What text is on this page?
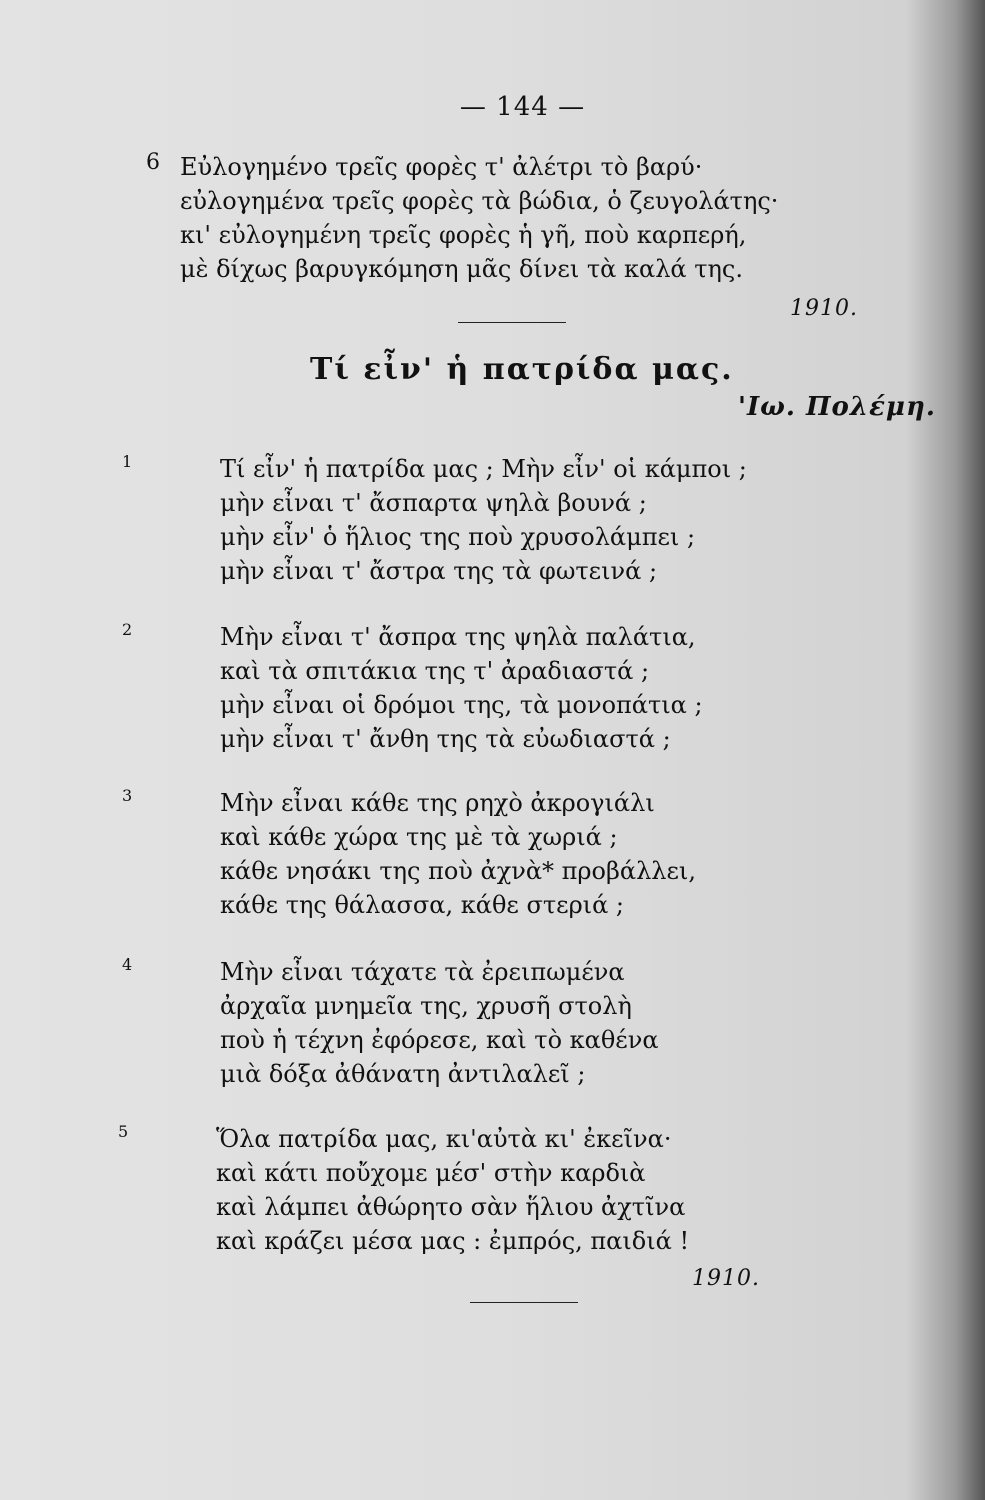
— 144 —
6 Εὐλογημένο τρεῖς φορὲς τ' ἀλέτρι τὸ βαρύ·
εὐλογημένα τρεῖς φορὲς τὰ βώδια, ὁ ζευγολάτης·
κι' εὐλογημένη τρεῖς φορὲς ἡ γῆ, ποὺ καρπερή,
μὲ δίχως βαρυγκόμηση μᾶς δίνει τὰ καλά της.
1910.
Τί εἶν' ἡ πατρίδα μας.
'Ιω. Πολέμη.
1	Τί εἶν' ἡ πατρίδα μας ; Μὴν εἶν' οἱ κάμποι ;
μὴν εἶναι τ' ἄσπαρτα ψηλὰ βουνά ;
μὴν εἶν' ὁ ἥλιος της ποὺ χρυσολάμπει ;
μὴν εἶναι τ' ἄστρα της τὰ φωτεινά ;
2	Μὴν εἶναι τ' ἄσπρα της ψηλὰ παλάτια,
καὶ τὰ σπιτάκια της τ' ἀραδιαστά ;
μὴν εἶναι οἱ δρόμοι της, τὰ μονοπάτια ;
μὴν εἶναι τ' ἄνθη της τὰ εὐωδιαστά ;
3	Μὴν εἶναι κάθε της ρηχὸ ἀκρογιάλι
καὶ κάθε χώρα της μὲ τὰ χωριά ;
κάθε νησάκι της ποὺ ἀχνὰ* προβάλλει,
κάθε της θάλασσα, κάθε στεριά ;
4	Μὴν εἶναι τάχατε τὰ ἐρειπωμένα
ἀρχαῖα μνημεῖα της, χρυσῆ στολὴ
ποὺ ἡ τέχνη ἐφόρεσε, καὶ τὸ καθένα
μιὰ δόξα ἀθάνατη ἀντιλαλεῖ ;
5	Ὅλα πατρίδα μας, κι'αὐτὰ κι' ἐκεῖνα·
καὶ κάτι ποὔχομε μέσ' στὴν καρδιὰ
καὶ λάμπει ἀθώρητο σὰν ἥλιου ἀχτῖνα
καὶ κράζει μέσα μας : ἐμπρός, παιδιά !
1910.
